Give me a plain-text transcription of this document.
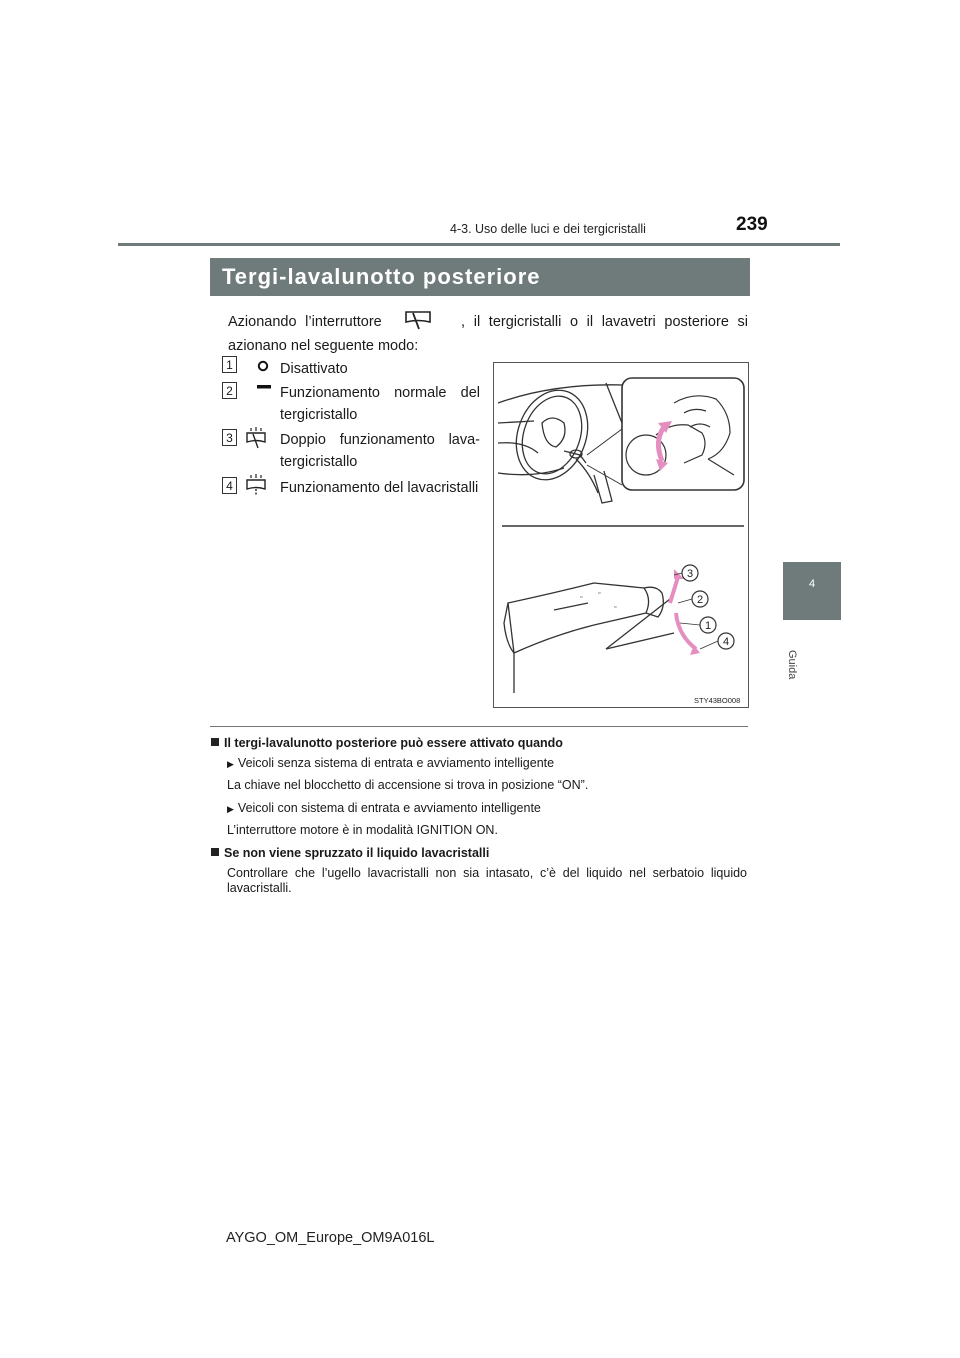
4-3. Uso delle luci e dei tergicristalli	239
4
Guida
Tergi-lavalunotto posteriore
Azionando l’interruttore	, il tergicristalli o il lavavetri posteriore si azionano nel seguente modo:
1	Disattivato
2	Funzionamento normale del tergicristallo
3	Doppio funzionamento lava-tergicristallo
4	Funzionamento del lavacristalli
▫
▫
▫
3
2
1
4
STY43BO008

Il tergi-lavalunotto posteriore può essere attivato quando

▶ Veicoli senza sistema di entrata e avviamento intelligente

La chiave nel blocchetto di accensione si trova in posizione “ON”.

▶ Veicoli con sistema di entrata e avviamento intelligente

L’interruttore motore è in modalità IGNITION ON.

Se non viene spruzzato il liquido lavacristalli

Controllare che l’ugello lavacristalli non sia intasato, c’è del liquido nel serbatoio liquido lavacristalli.

AYGO_OM_Europe_OM9A016L
